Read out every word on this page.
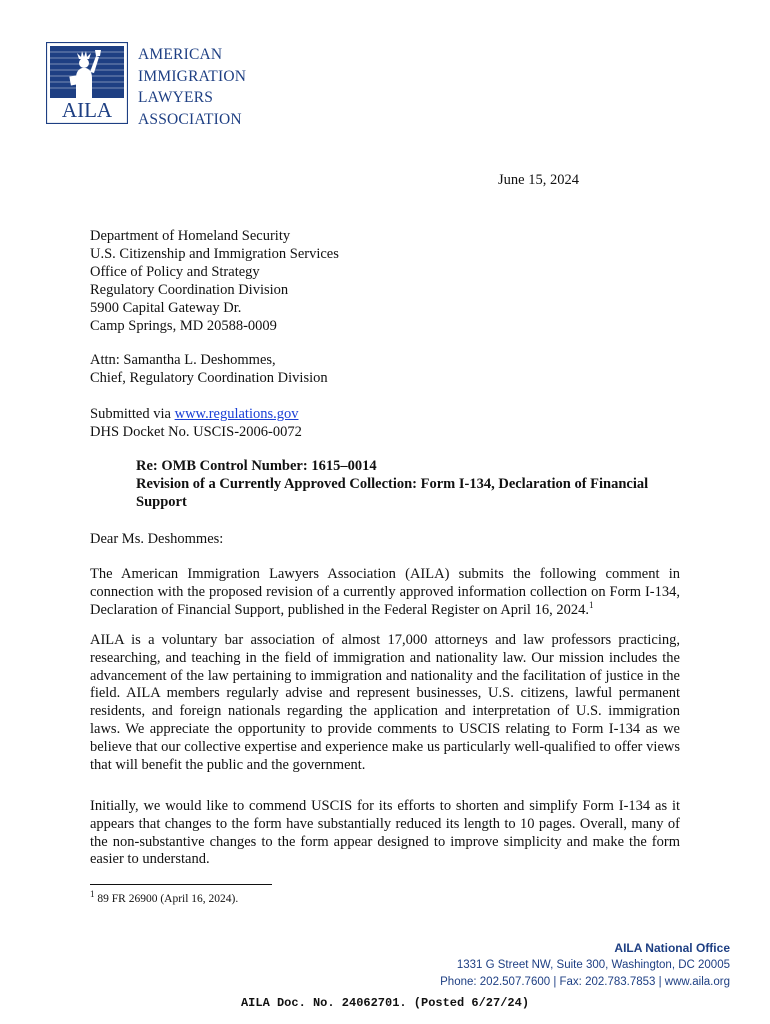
AILA
AMERICAN
IMMIGRATION
LAWYERS
ASSOCIATION
June 15, 2024
Department of Homeland Security
U.S. Citizenship and Immigration Services
Office of Policy and Strategy
Regulatory Coordination Division
5900 Capital Gateway Dr.
Camp Springs, MD 20588-0009
Attn: Samantha L. Deshommes,
Chief, Regulatory Coordination Division
Submitted via www.regulations.gov
DHS Docket No. USCIS-2006-0072
Re: OMB Control Number: 1615–0014
Revision of a Currently Approved Collection: Form I-134, Declaration of Financial Support
Dear Ms. Deshommes:
The American Immigration Lawyers Association (AILA) submits the following comment in connection with the proposed revision of a currently approved information collection on Form I-134, Declaration of Financial Support, published in the Federal Register on April 16, 2024.$^1$
AILA is a voluntary bar association of almost 17,000 attorneys and law professors practicing, researching, and teaching in the field of immigration and nationality law. Our mission includes the advancement of the law pertaining to immigration and nationality and the facilitation of justice in the field. AILA members regularly advise and represent businesses, U.S. citizens, lawful permanent residents, and foreign nationals regarding the application and interpretation of U.S. immigration laws. We appreciate the opportunity to provide comments to USCIS relating to Form I-134 as we believe that our collective expertise and experience make us particularly well-qualified to offer views that will benefit the public and the government.
Initially, we would like to commend USCIS for its efforts to shorten and simplify Form I-134 as it appears that changes to the form have substantially reduced its length to 10 pages. Overall, many of the non-substantive changes to the form appear designed to improve simplicity and make the form easier to understand.
$^1$ 89 FR 26900 (April 16, 2024).
AILA National Office
1331 G Street NW, Suite 300, Washington, DC 20005
Phone: 202.507.7600 | Fax: 202.783.7853 | www.aila.org
AILA Doc. No. 24062701. (Posted 6/27/24)
